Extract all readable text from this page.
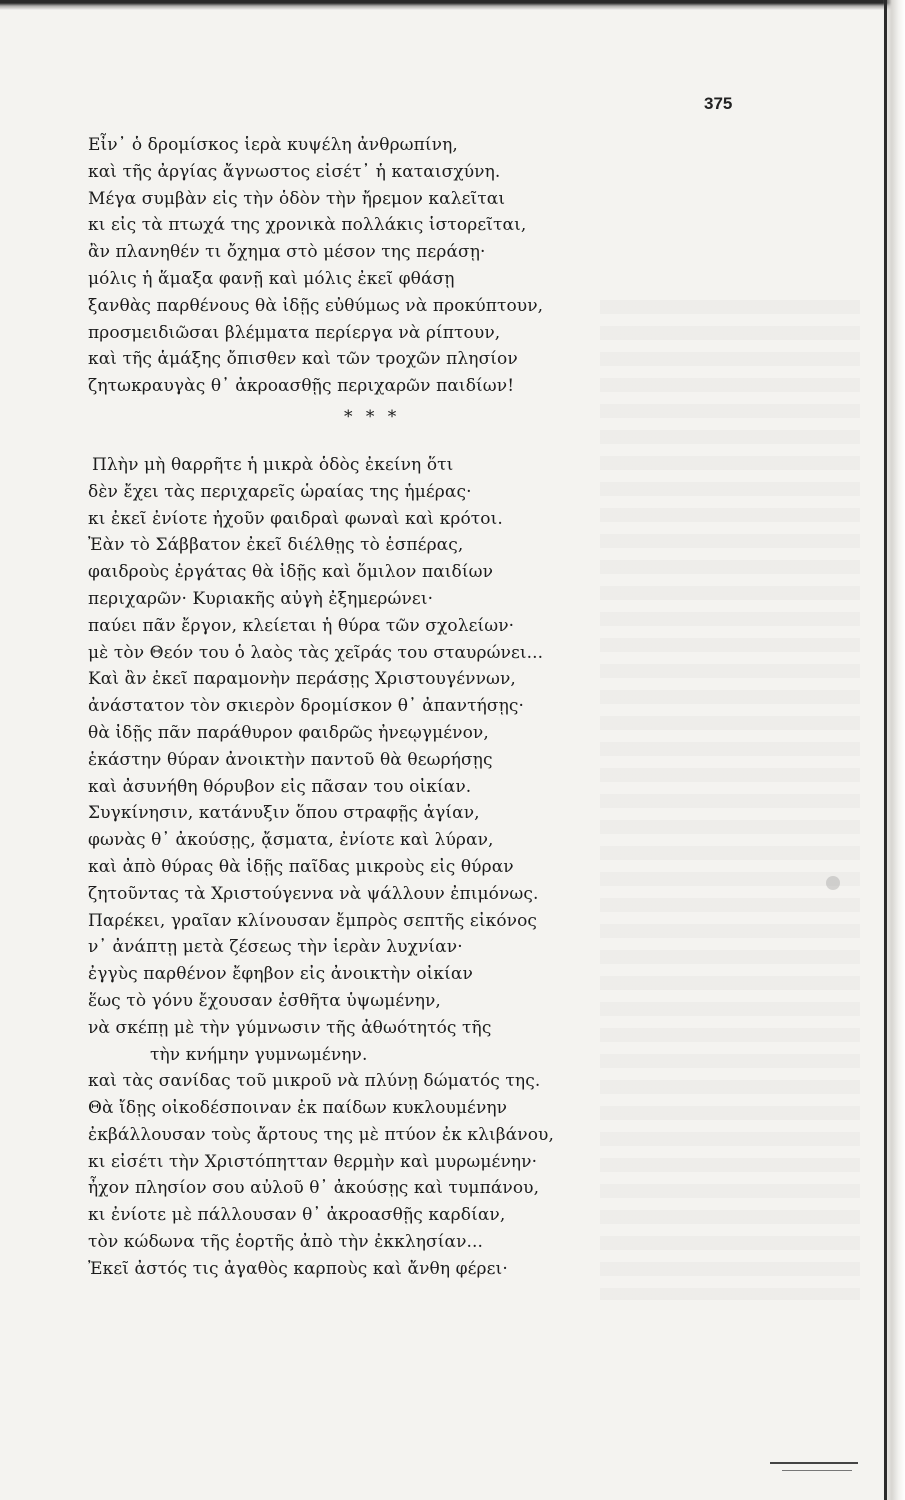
375
Εἶν᾽ ὁ δρομίσκος ἱερὰ κυψέλη ἀνθρωπίνη,
καὶ τῆς ἀργίας ἄγνωστος εἰσέτ᾽ ἡ καταισχύνη.
Μέγα συμβὰν εἰς τὴν ὁδὸν τὴν ἤρεμον καλεῖται
κι εἰς τὰ πτωχά της χρονικὰ πολλάκις ἱστορεῖται,
ἂν πλανηθέν τι ὄχημα στὸ μέσον της περάσῃ·
μόλις ἡ ἅμαξα φανῇ καὶ μόλις ἐκεῖ φθάσῃ
ξανθὰς παρθένους θὰ ἰδῇς εὐθύμως νὰ προκύπτουν,
προσμειδιῶσαι βλέμματα περίεργα νὰ ρίπτουν,
καὶ τῆς ἁμάξης ὄπισθεν καὶ τῶν τροχῶν πλησίον
ζητωκραυγὰς θ᾽ ἀκροασθῇς περιχαρῶν παιδίων!
* * *
Πλὴν μὴ θαρρῆτε ἡ μικρὰ ὁδὸς ἐκείνη ὅτι
δὲν ἔχει τὰς περιχαρεῖς ὡραίας της ἡμέρας·
κι ἐκεῖ ἐνίοτε ἠχοῦν φαιδραὶ φωναὶ καὶ κρότοι.
Ἐὰν τὸ Σάββατον ἐκεῖ διέλθῃς τὸ ἑσπέρας,
φαιδροὺς ἐργάτας θὰ ἰδῇς καὶ ὅμιλον παιδίων
περιχαρῶν· Κυριακῆς αὐγὴ ἐξημερώνει·
παύει πᾶν ἔργον, κλείεται ἡ θύρα τῶν σχολείων·
μὲ τὸν Θεόν του ὁ λαὸς τὰς χεῖράς του σταυρώνει...
Καὶ ἂν ἐκεῖ παραμονὴν περάσῃς Χριστουγέννων,
ἀνάστατον τὸν σκιερὸν δρομίσκον θ᾽ ἀπαντήσῃς·
θὰ ἰδῇς πᾶν παράθυρον φαιδρῶς ἠνεῳγμένον,
ἑκάστην θύραν ἀνοικτὴν παντοῦ θὰ θεωρήσῃς
καὶ ἀσυνήθη θόρυβον εἰς πᾶσαν του οἰκίαν.
Συγκίνησιν, κατάνυξιν ὅπου στραφῇς ἁγίαν,
φωνὰς θ᾽ ἀκούσῃς, ᾄσματα, ἐνίοτε καὶ λύραν,
καὶ ἀπὸ θύρας θὰ ἰδῇς παῖδας μικροὺς εἰς θύραν
ζητοῦντας τὰ Χριστούγεννα νὰ ψάλλουν ἐπιμόνως.
Παρέκει, γραῖαν κλίνουσαν ἔμπρὸς σεπτῆς εἰκόνος
ν᾽ ἀνάπτῃ μετὰ ζέσεως τὴν ἱερὰν λυχνίαν·
ἐγγὺς παρθένον ἔφηβον εἰς ἀνοικτὴν οἰκίαν
ἕως τὸ γόνυ ἔχουσαν ἐσθῆτα ὑψωμένην,
νὰ σκέπῃ μὲ τὴν γύμνωσιν τῆς ἀθωότητός τῆς
τὴν κνήμην γυμνωμένην.
καὶ τὰς σανίδας τοῦ μικροῦ νὰ πλύνῃ δώματός της.
Θὰ ἴδῃς οἰκοδέσποιναν ἐκ παίδων κυκλουμένην
ἐκβάλλουσαν τοὺς ἄρτους της μὲ πτύον ἐκ κλιβάνου,
κι εἰσέτι τὴν Χριστόπητταν θερμὴν καὶ μυρωμένην·
ἦχον πλησίον σου αὐλοῦ θ᾽ ἀκούσῃς καὶ τυμπάνου,
κι ἐνίοτε μὲ πάλλουσαν θ᾽ ἀκροασθῇς καρδίαν,
τὸν κώδωνα τῆς ἑορτῆς ἀπὸ τὴν ἐκκλησίαν...
Ἐκεῖ ἀστός τις ἀγαθὸς καρποὺς καὶ ἄνθη φέρει·
